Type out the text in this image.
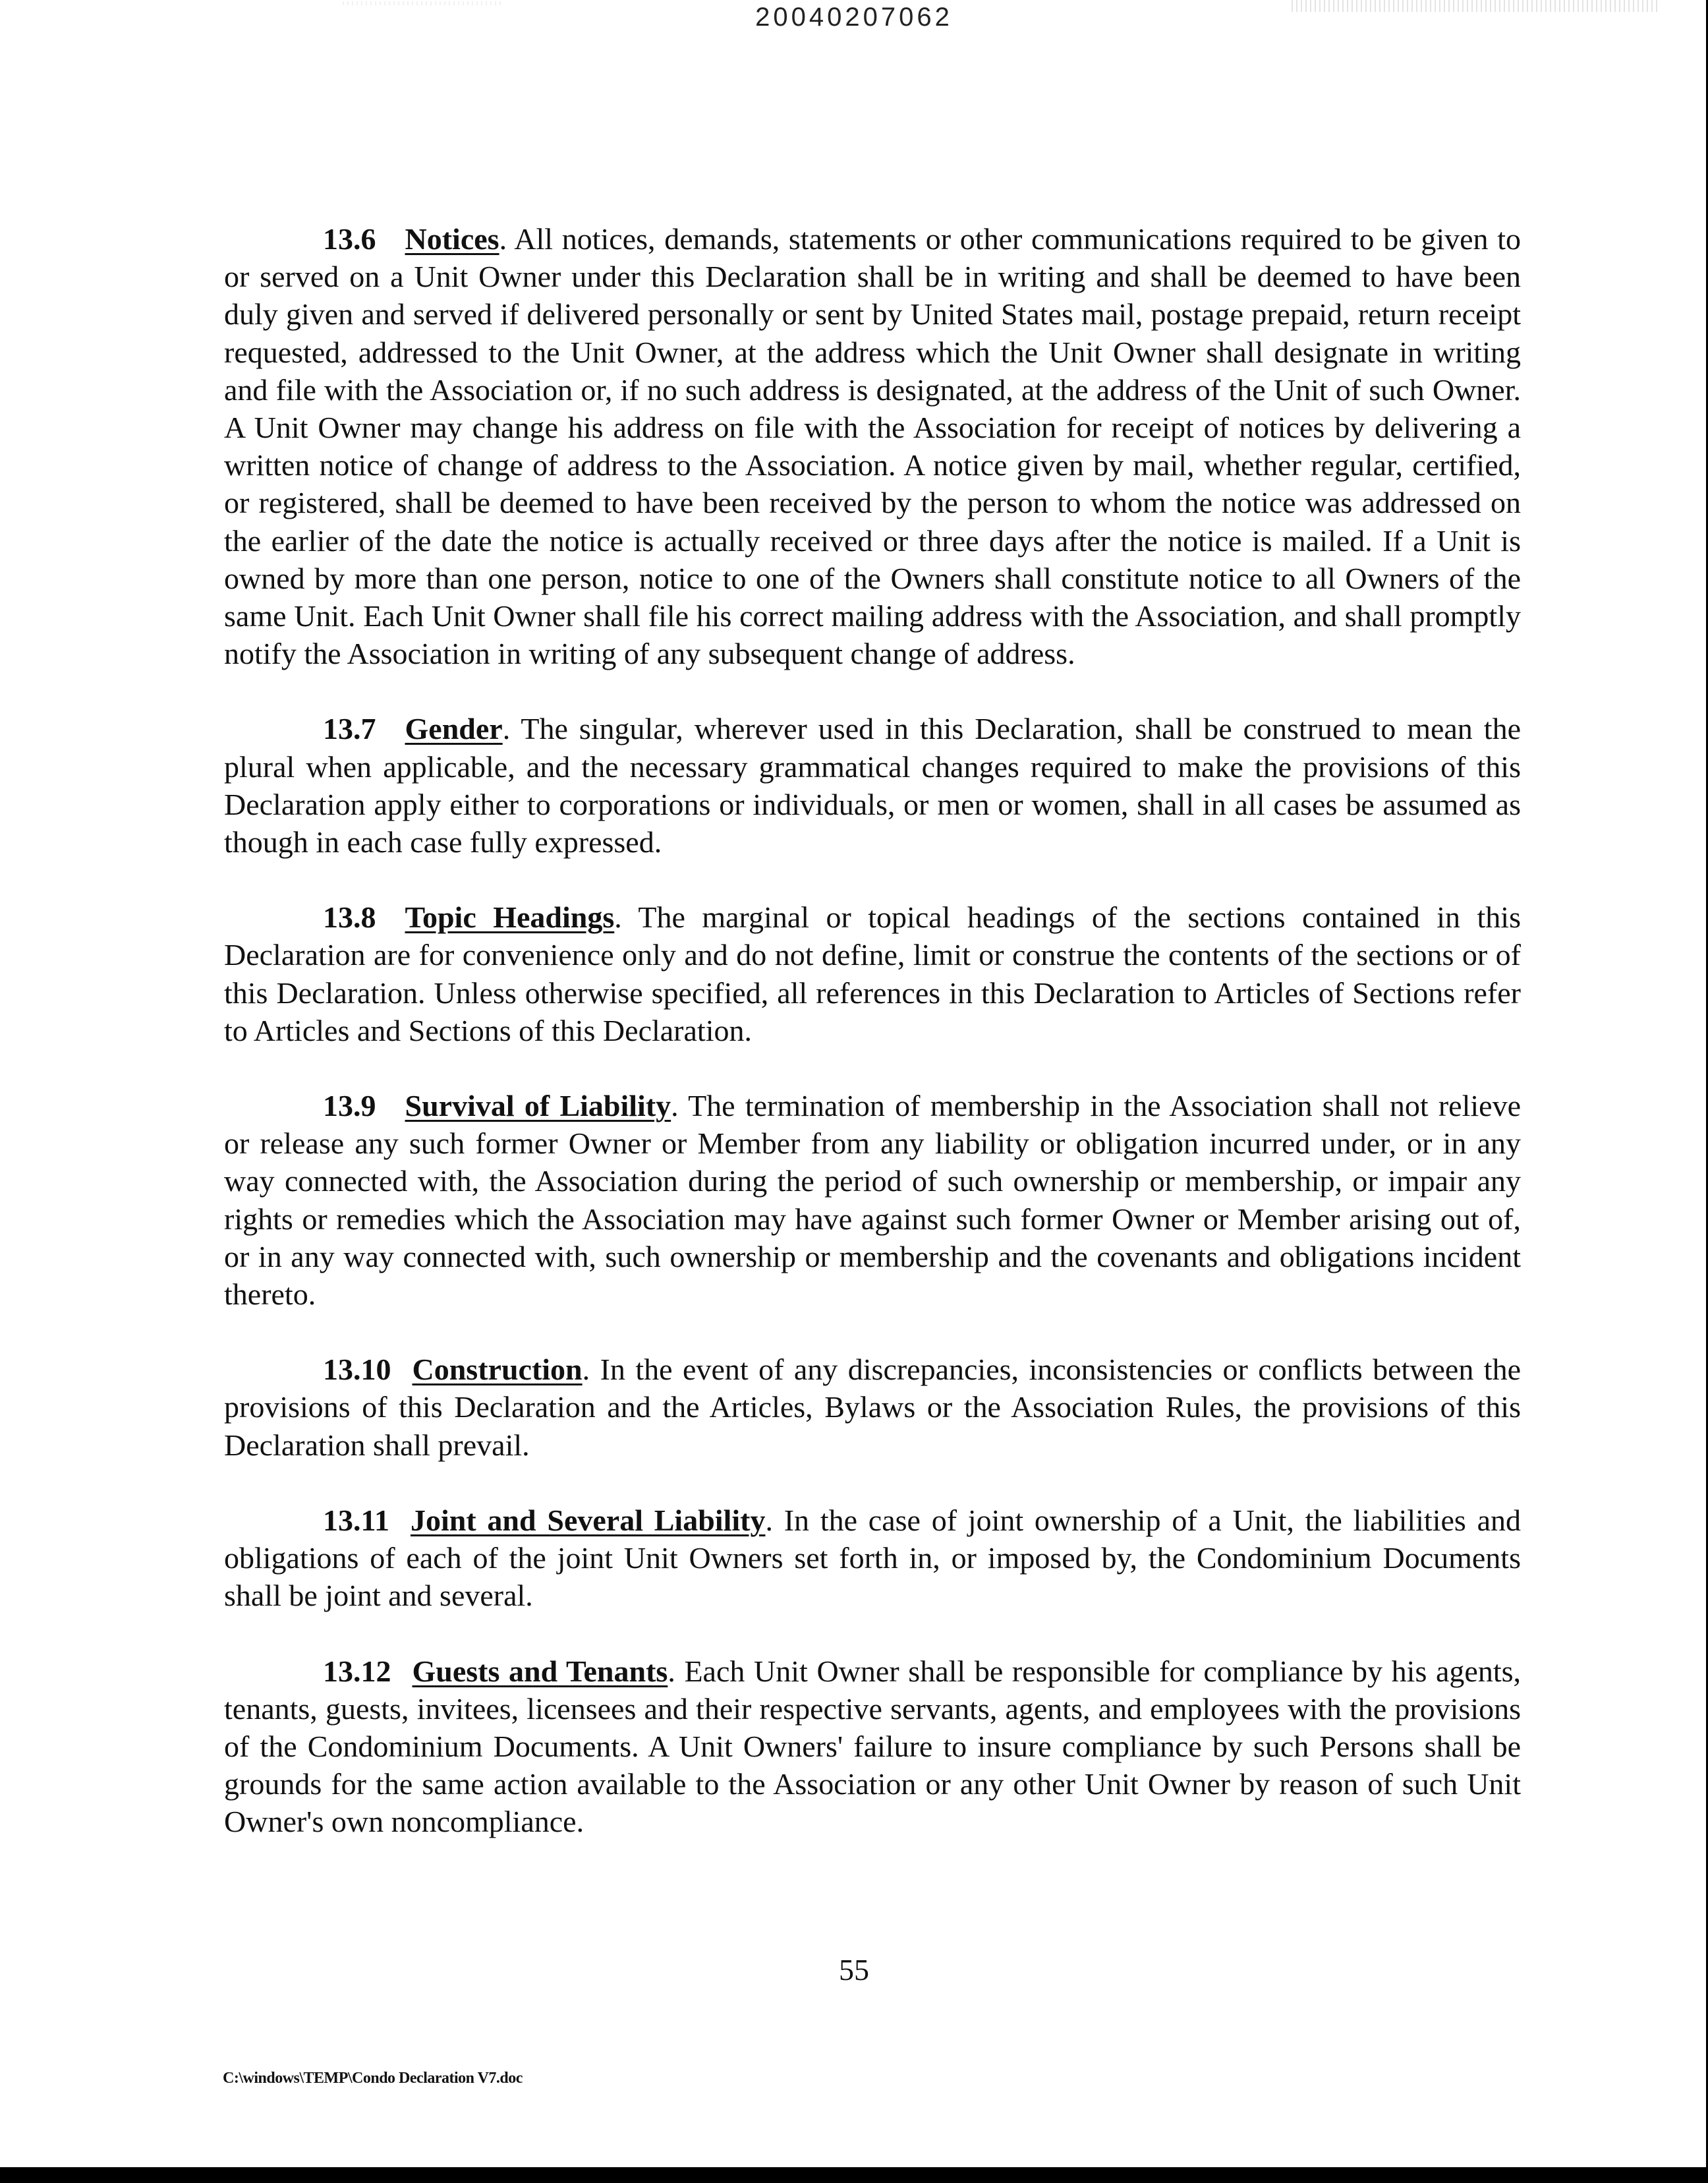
20040207062

13.6 Notices. All notices, demands, statements or other communications required to be given to or served on a Unit Owner under this Declaration shall be in writing and shall be deemed to have been duly given and served if delivered personally or sent by United States mail, postage prepaid, return receipt requested, addressed to the Unit Owner, at the address which the Unit Owner shall designate in writing and file with the Association or, if no such address is designated, at the address of the Unit of such Owner. A Unit Owner may change his address on file with the Association for receipt of notices by delivering a written notice of change of address to the Association. A notice given by mail, whether regular, certified, or registered, shall be deemed to have been received by the person to whom the notice was addressed on the earlier of the date the notice is actually received or three days after the notice is mailed. If a Unit is owned by more than one person, notice to one of the Owners shall constitute notice to all Owners of the same Unit. Each Unit Owner shall file his correct mailing address with the Association, and shall promptly notify the Association in writing of any subsequent change of address.

13.7 Gender. The singular, wherever used in this Declaration, shall be construed to mean the plural when applicable, and the necessary grammatical changes required to make the provisions of this Declaration apply either to corporations or individuals, or men or women, shall in all cases be assumed as though in each case fully expressed.

13.8 Topic Headings. The marginal or topical headings of the sections contained in this Declaration are for convenience only and do not define, limit or construe the contents of the sections or of this Declaration. Unless otherwise specified, all references in this Declaration to Articles of Sections refer to Articles and Sections of this Declaration.

13.9 Survival of Liability. The termination of membership in the Association shall not relieve or release any such former Owner or Member from any liability or obligation incurred under, or in any way connected with, the Association during the period of such ownership or membership, or impair any rights or remedies which the Association may have against such former Owner or Member arising out of, or in any way connected with, such ownership or membership and the covenants and obligations incident thereto.

13.10 Construction. In the event of any discrepancies, inconsistencies or conflicts between the provisions of this Declaration and the Articles, Bylaws or the Association Rules, the provisions of this Declaration shall prevail.

13.11 Joint and Several Liability. In the case of joint ownership of a Unit, the liabilities and obligations of each of the joint Unit Owners set forth in, or imposed by, the Condominium Documents shall be joint and several.

13.12 Guests and Tenants. Each Unit Owner shall be responsible for compliance by his agents, tenants, guests, invitees, licensees and their respective servants, agents, and employees with the provisions of the Condominium Documents. A Unit Owners' failure to insure compliance by such Persons shall be grounds for the same action available to the Association or any other Unit Owner by reason of such Unit Owner's own noncompliance.

55
C:\windows\TEMP\Condo Declaration V7.doc
